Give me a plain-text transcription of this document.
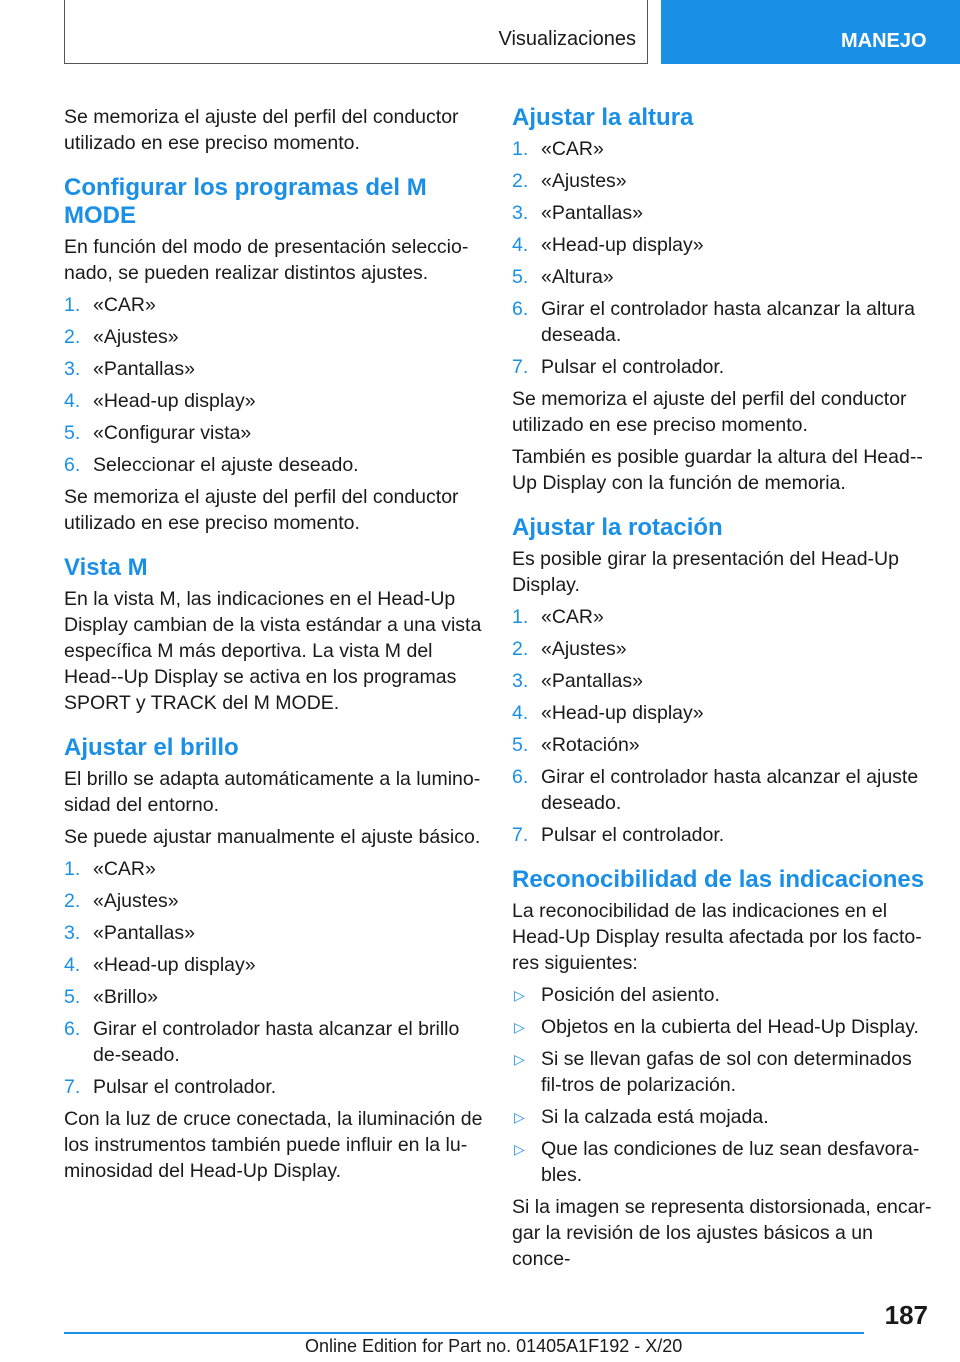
Visualizaciones	MANEJO

Se memoriza el ajuste del perfil del conductor utilizado en ese preciso momento.

Configurar los programas del M MODE

En función del modo de presentación seleccio-nado, se pueden realizar distintos ajustes.

1. «CAR»
2. «Ajustes»
3. «Pantallas»
4. «Head-up display»
5. «Configurar vista»
6. Seleccionar el ajuste deseado.

Se memoriza el ajuste del perfil del conductor utilizado en ese preciso momento.

Vista M

En la vista M, las indicaciones en el Head-Up Display cambian de la vista estándar a una vista específica M más deportiva. La vista M del Head--Up Display se activa en los programas SPORT y TRACK del M MODE.

Ajustar el brillo

El brillo se adapta automáticamente a la lumino-sidad del entorno.

Se puede ajustar manualmente el ajuste básico.

1. «CAR»
2. «Ajustes»
3. «Pantallas»
4. «Head-up display»
5. «Brillo»
6. Girar el controlador hasta alcanzar el brillo de-seado.
7. Pulsar el controlador.

Con la luz de cruce conectada, la iluminación de los instrumentos también puede influir en la lu-minosidad del Head-Up Display.

Ajustar la altura
1. «CAR»
2. «Ajustes»
3. «Pantallas»
4. «Head-up display»
5. «Altura»
6. Girar el controlador hasta alcanzar la altura deseada.
7. Pulsar el controlador.

Se memoriza el ajuste del perfil del conductor utilizado en ese preciso momento.

También es posible guardar la altura del Head--Up Display con la función de memoria.

Ajustar la rotación

Es posible girar la presentación del Head-Up Display.

1. «CAR»
2. «Ajustes»
3. «Pantallas»
4. «Head-up display»
5. «Rotación»
6. Girar el controlador hasta alcanzar el ajuste deseado.
7. Pulsar el controlador.
Reconocibilidad de las indicaciones

La reconocibilidad de las indicaciones en el Head-Up Display resulta afectada por los facto-res siguientes:

▷ Posición del asiento.
▷ Objetos en la cubierta del Head-Up Display.
▷ Si se llevan gafas de sol con determinados fil-tros de polarización.
▷ Si la calzada está mojada.
▷ Que las condiciones de luz sean desfavora-bles.

Si la imagen se representa distorsionada, encar-gar la revisión de los ajustes básicos a un conce-

187
Online Edition for Part no. 01405A1F192 - X/20
